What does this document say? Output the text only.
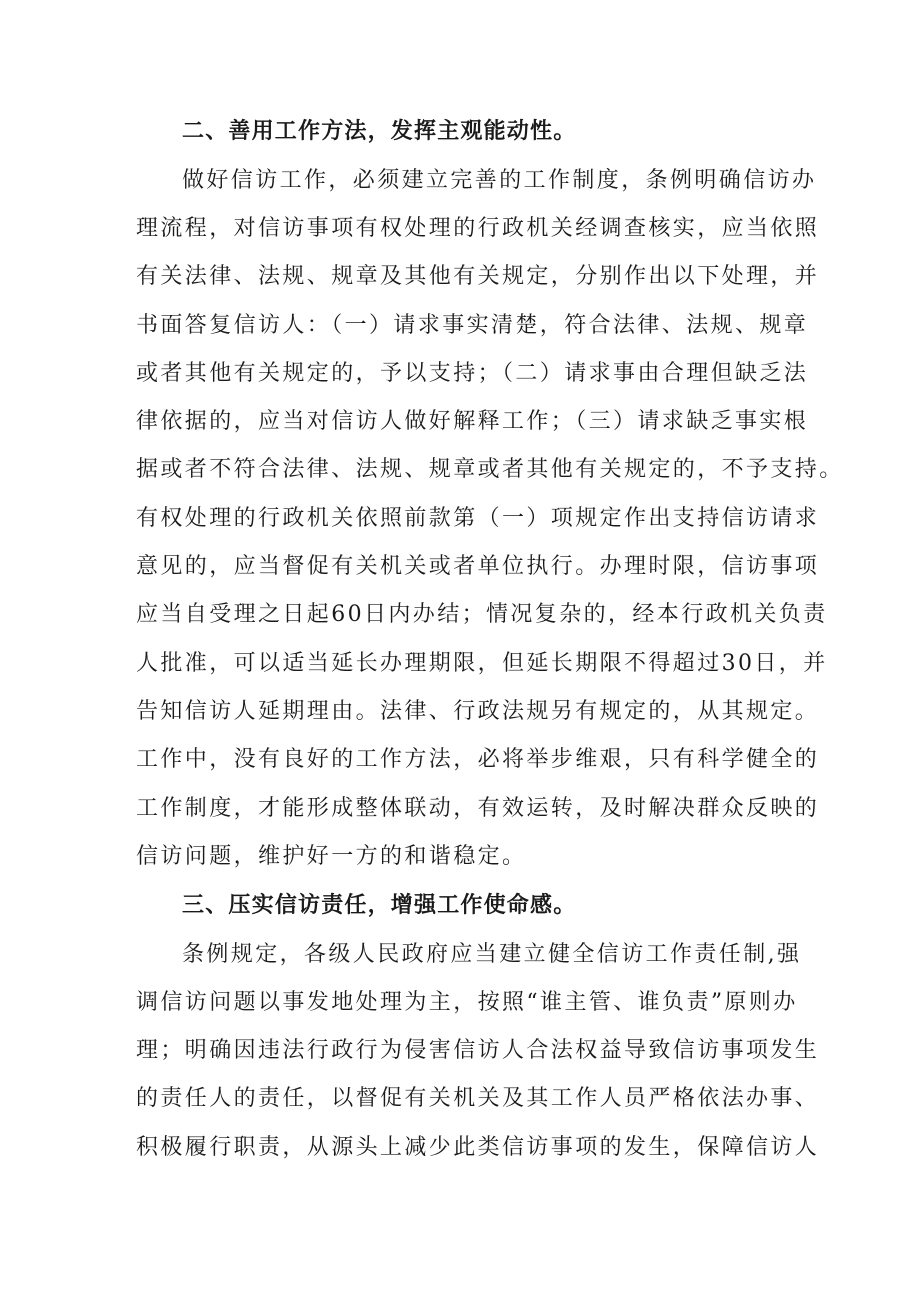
二、善用工作方法，发挥主观能动性。
做好信访工作，必须建立完善的工作制度，条例明确信访办
理流程，对信访事项有权处理的行政机关经调查核实，应当依照
有关法律、法规、规章及其他有关规定，分别作出以下处理，并
书面答复信访人：（一）请求事实清楚，符合法律、法规、规章
或者其他有关规定的，予以支持；（二）请求事由合理但缺乏法
律依据的，应当对信访人做好解释工作；（三）请求缺乏事实根
据或者不符合法律、法规、规章或者其他有关规定的，不予支持。
有权处理的行政机关依照前款第（一）项规定作出支持信访请求
意见的，应当督促有关机关或者单位执行。办理时限，信访事项
应当自受理之日起60日内办结；情况复杂的，经本行政机关负责
人批准，可以适当延长办理期限，但延长期限不得超过30日，并
告知信访人延期理由。法律、行政法规另有规定的，从其规定。
工作中，没有良好的工作方法，必将举步维艰，只有科学健全的
工作制度，才能形成整体联动，有效运转，及时解决群众反映的
信访问题，维护好一方的和谐稳定。
三、压实信访责任，增强工作使命感。
条例规定，各级人民政府应当建立健全信访工作责任制,强
调信访问题以事发地处理为主，按照“谁主管、谁负责”原则办
理；明确因违法行政行为侵害信访人合法权益导致信访事项发生
的责任人的责任，以督促有关机关及其工作人员严格依法办事、
积极履行职责，从源头上减少此类信访事项的发生，保障信访人
